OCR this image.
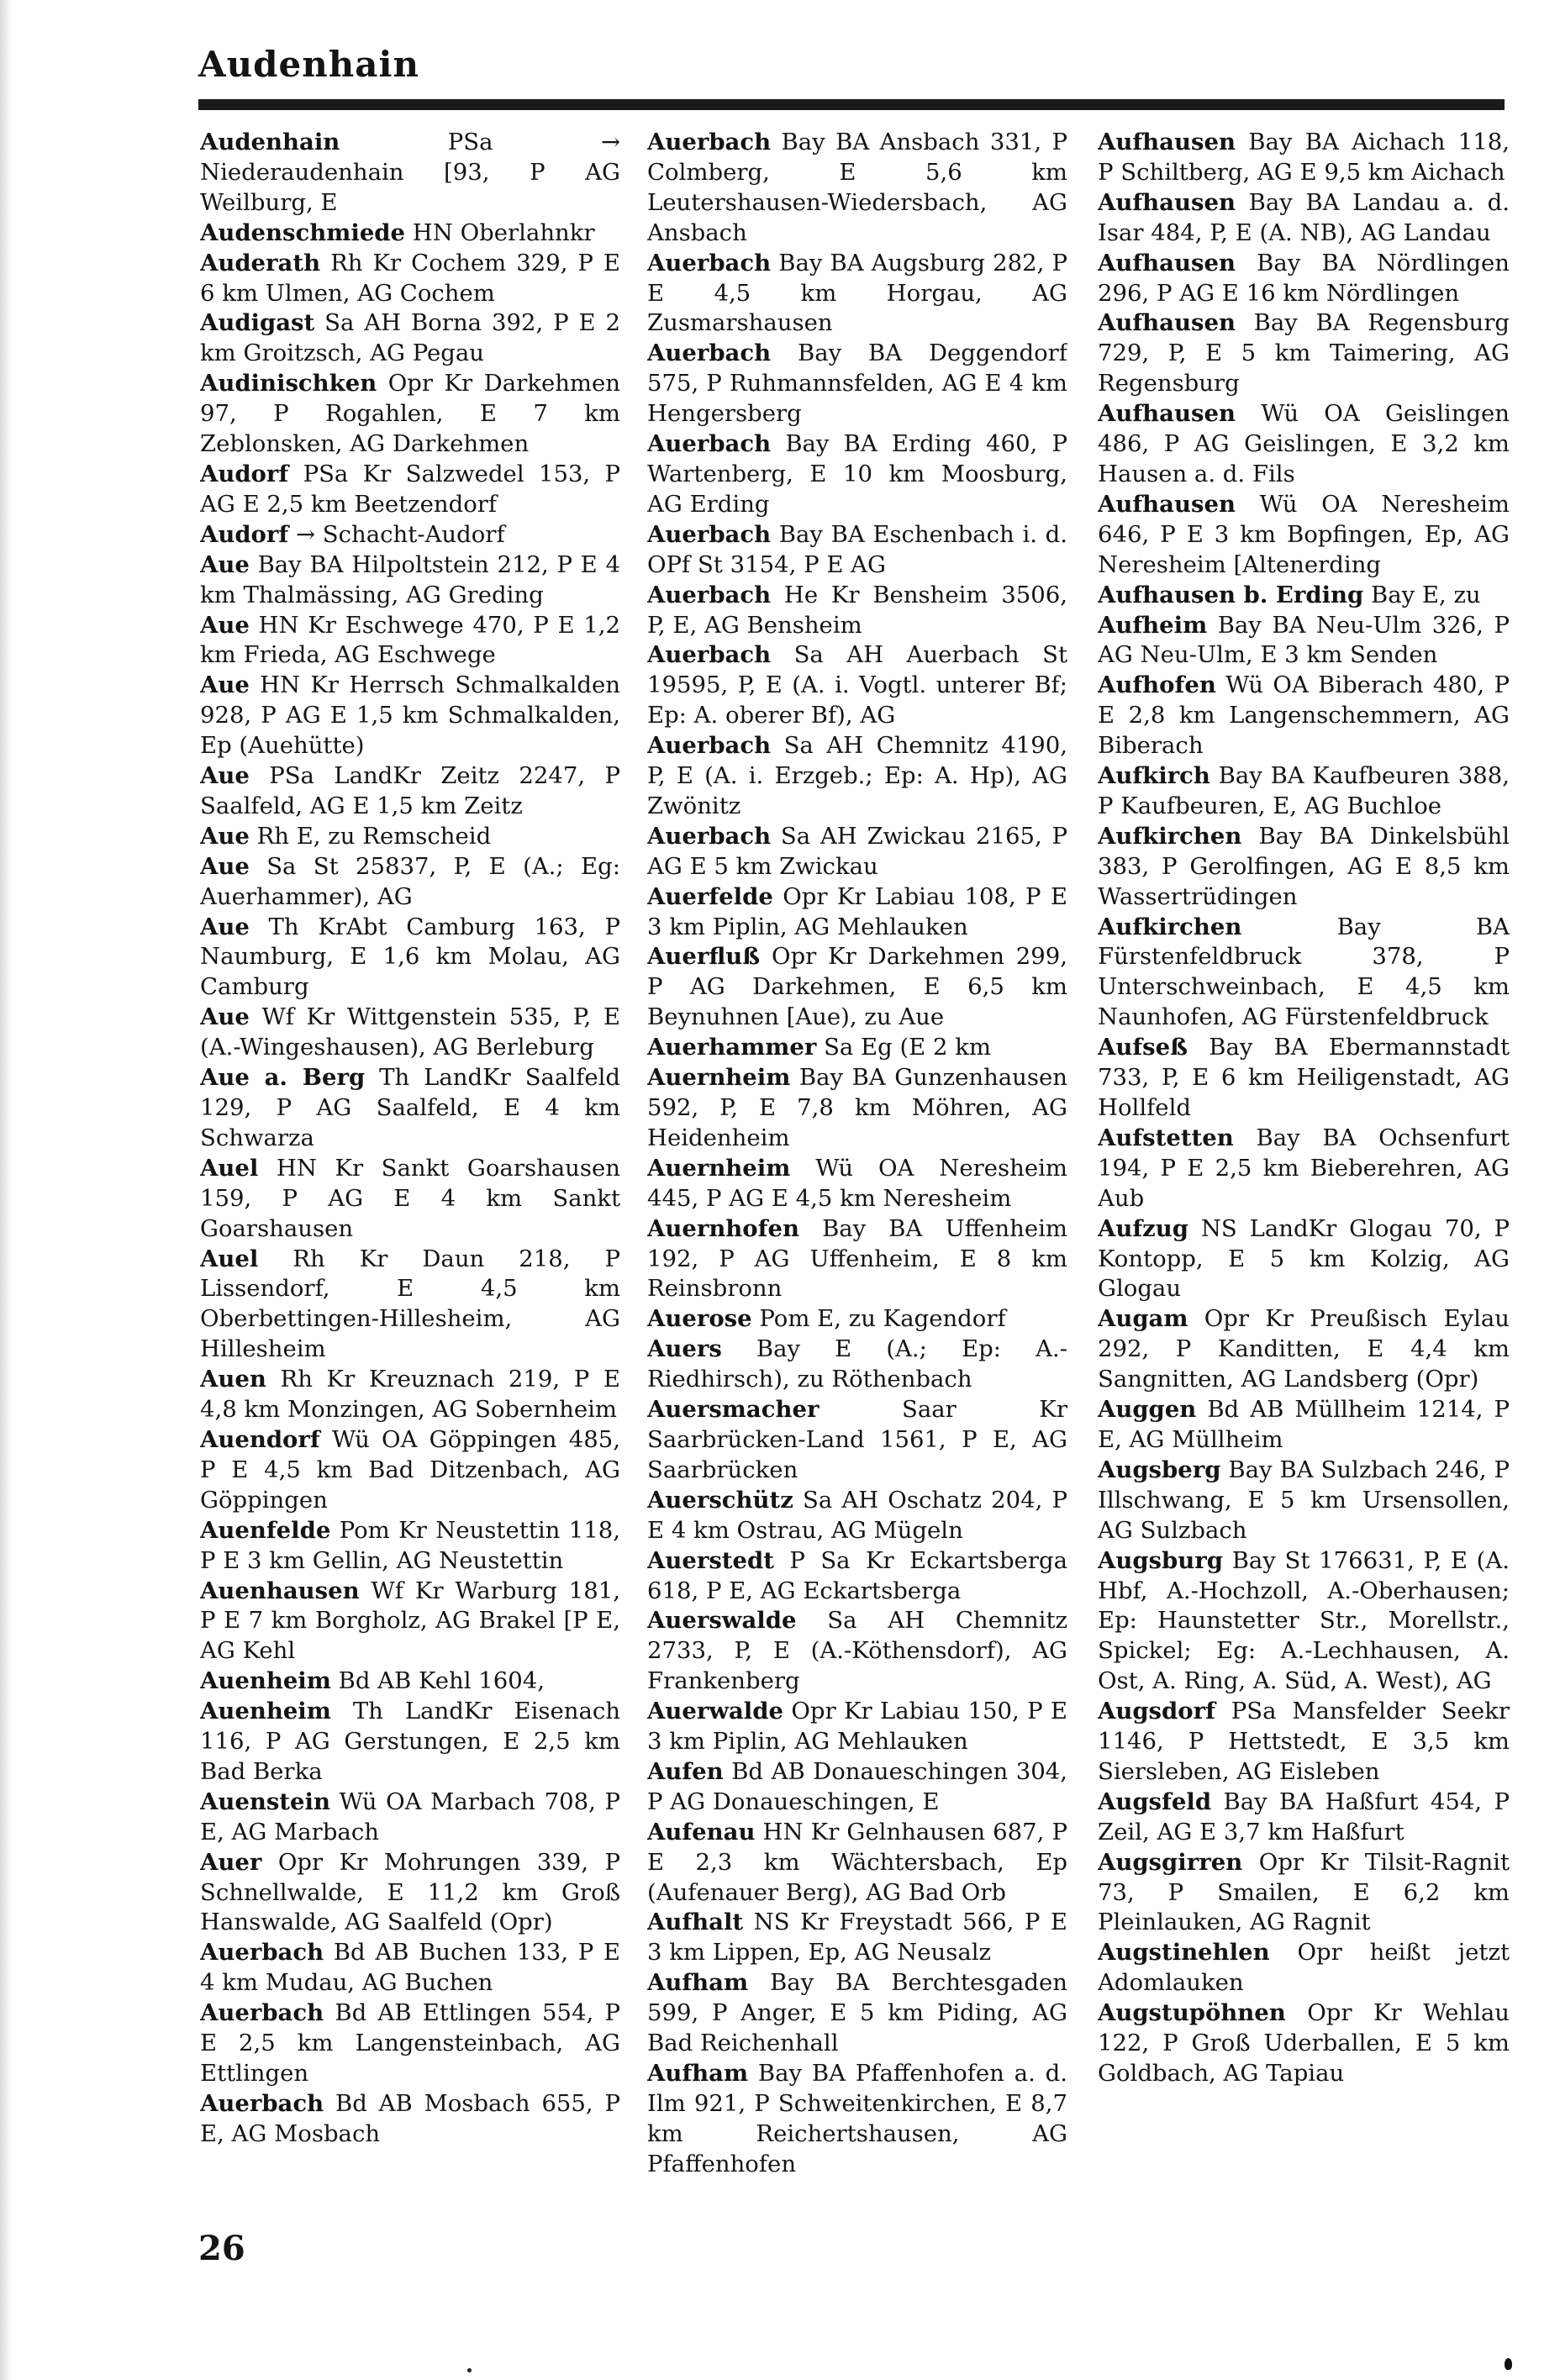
Audenhain
Audenhain	PSa → Niederaudenhain [93, P AG Weilburg, E
Audenschmiede HN Oberlahnkr
Auderath Rh Kr Cochem 329, P E 6 km Ulmen, AG Cochem
Audigast Sa AH Borna 392, P E 2 km Groitzsch, AG Pegau
Audinischken Opr Kr Darkehmen 97, P Rogahlen, E 7 km Zeblonsken, AG Darkehmen
Audorf PSa Kr Salzwedel 153, P AG E 2,5 km Beetzendorf
Audorf → Schacht-Audorf
Aue Bay BA Hilpoltstein 212, P E 4 km Thalmässing, AG Greding
Aue HN Kr Eschwege 470, P E 1,2 km Frieda, AG Eschwege
Aue HN Kr Herrsch Schmalkalden 928, P AG E 1,5 km Schmalkalden, Ep (Auehütte)
Aue PSa LandKr Zeitz 2247, P Saalfeld, AG E 1,5 km Zeitz
Aue Rh E, zu Remscheid
Aue Sa St 25837, P, E (A.; Eg: Auerhammer), AG
Aue Th KrAbt Camburg 163, P Naumburg, E 1,6 km Molau, AG Camburg
Aue Wf Kr Wittgenstein 535, P, E (A.-Wingeshausen), AG Berleburg
Aue a. Berg Th LandKr Saalfeld 129, P AG Saalfeld, E 4 km Schwarza
Auel HN Kr Sankt Goarshausen 159, P AG E 4 km Sankt Goarshausen
Auel Rh Kr Daun 218, P Lissendorf, E 4,5 km Oberbettingen-Hillesheim, AG Hillesheim
Auen Rh Kr Kreuznach 219, P E 4,8 km Monzingen, AG Sobernheim
Auendorf Wü OA Göppingen 485, P E 4,5 km Bad Ditzenbach, AG Göppingen
Auenfelde Pom Kr Neustettin 118, P E 3 km Gellin, AG Neustettin
Auenhausen Wf Kr Warburg 181, P E 7 km Borgholz, AG Brakel [P E, AG Kehl
Auenheim Bd AB Kehl 1604,
Auenheim Th LandKr Eisenach 116, P AG Gerstungen, E 2,5 km Bad Berka
Auenstein Wü OA Marbach 708, P E, AG Marbach
Auer Opr Kr Mohrungen 339, P Schnellwalde, E 11,2 km Groß Hanswalde, AG Saalfeld (Opr)
Auerbach Bd AB Buchen 133, P E 4 km Mudau, AG Buchen
Auerbach Bd AB Ettlingen 554, P E 2,5 km Langensteinbach, AG Ettlingen
Auerbach Bd AB Mosbach 655, P E, AG Mosbach
Auerbach Bay BA Ansbach 331, P Colmberg, E 5,6 km Leutershausen-Wiedersbach, AG Ansbach
Auerbach Bay BA Augsburg 282, P E 4,5 km Horgau, AG Zusmarshausen
Auerbach Bay BA Deggendorf 575, P Ruhmannsfelden, AG E 4 km Hengersberg
Auerbach Bay BA Erding 460, P Wartenberg, E 10 km Moosburg, AG Erding
Auerbach Bay BA Eschenbach i. d. OPf St 3154, P E AG
Auerbach He Kr Bensheim 3506, P, E, AG Bensheim
Auerbach Sa AH Auerbach St 19595, P, E (A. i. Vogtl. unterer Bf; Ep: A. oberer Bf), AG
Auerbach Sa AH Chemnitz 4190, P, E (A. i. Erzgeb.; Ep: A. Hp), AG Zwönitz
Auerbach Sa AH Zwickau 2165, P AG E 5 km Zwickau
Auerfelde Opr Kr Labiau 108, P E 3 km Piplin, AG Mehlauken
Auerfluß Opr Kr Darkehmen 299, P AG Darkehmen, E 6,5 km Beynuhnen [Aue), zu Aue
Auerhammer Sa Eg (E 2 km
Auernheim Bay BA Gunzenhausen 592, P, E 7,8 km Möhren, AG Heidenheim
Auernheim Wü OA Neresheim 445, P AG E 4,5 km Neresheim
Auernhofen Bay BA Uffenheim 192, P AG Uffenheim, E 8 km Reinsbronn
Auerose Pom E, zu Kagendorf
Auers Bay E (A.; Ep: A.-Riedhirsch), zu Röthenbach
Auersmacher	Saar Kr Saarbrücken-Land 1561, P E, AG Saarbrücken
Auerschütz Sa AH Oschatz 204, P E 4 km Ostrau, AG Mügeln
Auerstedt P Sa Kr Eckartsberga 618, P E, AG Eckartsberga
Auerswalde Sa AH Chemnitz 2733, P, E (A.-Köthensdorf), AG Frankenberg
Auerwalde Opr Kr Labiau 150, P E 3 km Piplin, AG Mehlauken
Aufen Bd AB Donaueschingen 304, P AG Donaueschingen, E
Aufenau HN Kr Gelnhausen 687, P E 2,3 km Wächtersbach, Ep (Aufenauer Berg), AG Bad Orb
Aufhalt NS Kr Freystadt 566, P E 3 km Lippen, Ep, AG Neusalz
Aufham Bay BA Berchtesgaden 599, P Anger, E 5 km Piding, AG Bad Reichenhall
Aufham Bay BA Pfaffenhofen a. d. Ilm 921, P Schweitenkirchen, E 8,7 km Reichertshausen, AG Pfaffenhofen
Aufhausen Bay BA Aichach 118, P Schiltberg, AG E 9,5 km Aichach
Aufhausen Bay BA Landau a. d. Isar 484, P, E (A. NB), AG Landau
Aufhausen Bay BA Nördlingen 296, P AG E 16 km Nördlingen
Aufhausen Bay BA Regensburg 729, P, E 5 km Taimering, AG Regensburg
Aufhausen Wü OA Geislingen 486, P AG Geislingen, E 3,2 km Hausen a. d. Fils
Aufhausen Wü OA Neresheim 646, P E 3 km Bopfingen, Ep, AG Neresheim [Altenerding
Aufhausen b. Erding Bay E, zu
Aufheim Bay BA Neu-Ulm 326, P AG Neu-Ulm, E 3 km Senden
Aufhofen Wü OA Biberach 480, P E 2,8 km Langenschemmern, AG Biberach
Aufkirch Bay BA Kaufbeuren 388, P Kaufbeuren, E, AG Buchloe
Aufkirchen Bay BA Dinkelsbühl 383, P Gerolfingen, AG E 8,5 km Wassertrüdingen
Aufkirchen	Bay BA Fürstenfeldbruck 378, P Unterschweinbach, E 4,5 km Naunhofen, AG Fürstenfeldbruck
Aufseß Bay BA Ebermannstadt 733, P, E 6 km Heiligenstadt, AG Hollfeld
Aufstetten Bay BA Ochsenfurt 194, P E 2,5 km Bieberehren, AG Aub
Aufzug NS LandKr Glogau 70, P Kontopp, E 5 km Kolzig, AG Glogau
Augam Opr Kr Preußisch Eylau 292, P Kanditten, E 4,4 km Sangnitten, AG Landsberg (Opr)
Auggen Bd AB Müllheim 1214, P E, AG Müllheim
Augsberg Bay BA Sulzbach 246, P Illschwang, E 5 km Ursensollen, AG Sulzbach
Augsburg Bay St 176631, P, E (A. Hbf, A.-Hochzoll, A.-Oberhausen; Ep: Haunstetter Str., Morellstr., Spickel; Eg: A.-Lechhausen, A. Ost, A. Ring, A. Süd, A. West), AG
Augsdorf PSa Mansfelder Seekr 1146, P Hettstedt, E 3,5 km Siersleben, AG Eisleben
Augsfeld Bay BA Haßfurt 454, P Zeil, AG E 3,7 km Haßfurt
Augsgirren Opr Kr Tilsit-Ragnit 73, P Smailen, E 6,2 km Pleinlauken, AG Ragnit
Augstinehlen Opr heißt jetzt Adomlauken
Augstupöhnen Opr Kr Wehlau 122, P Groß Uderballen, E 5 km Goldbach, AG Tapiau
26
